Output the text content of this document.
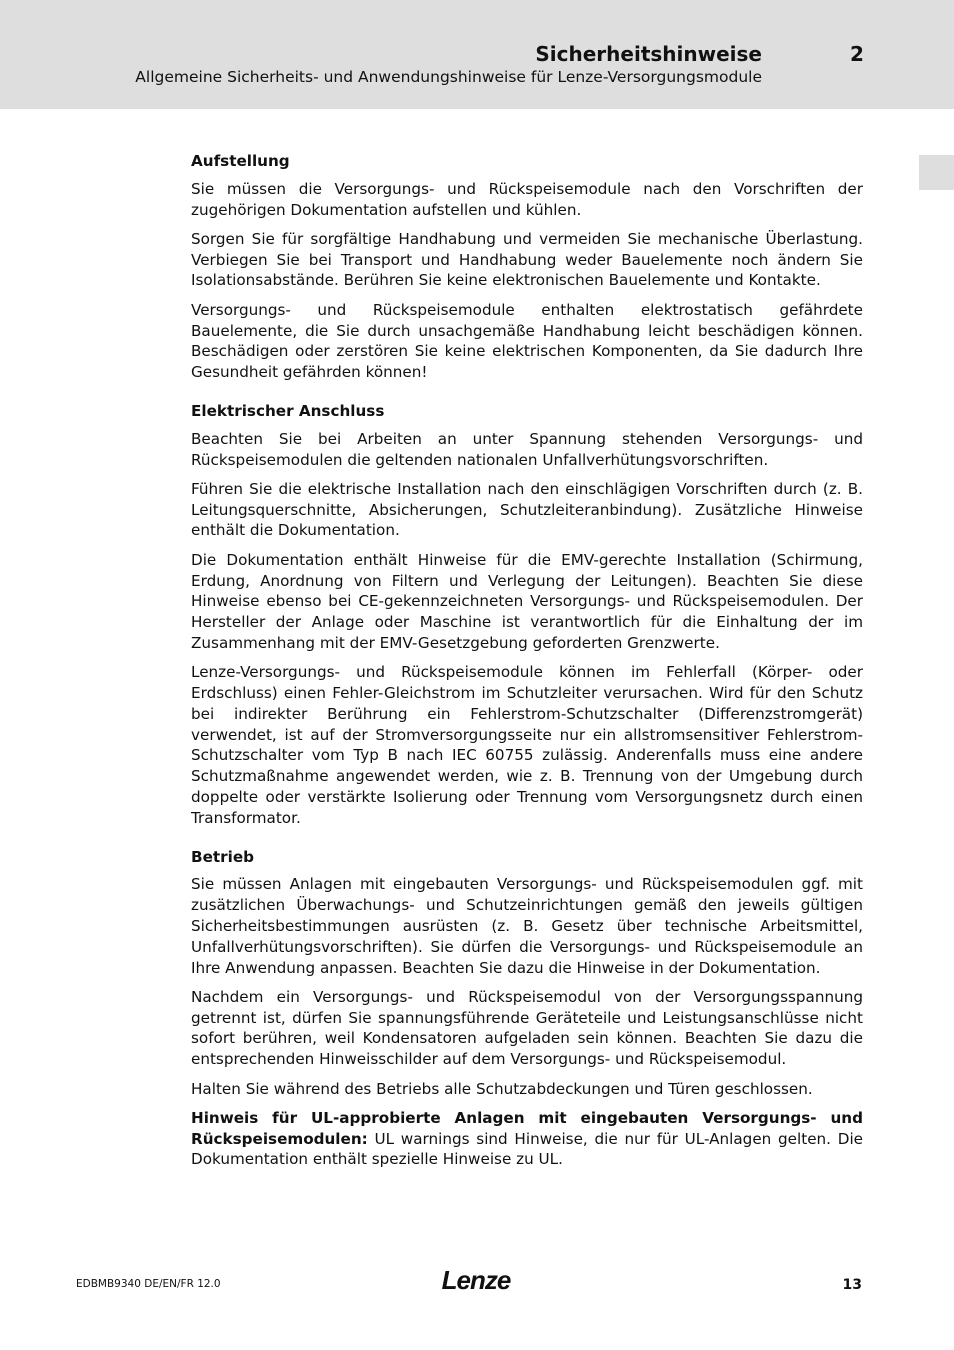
Sicherheitshinweise	2
Allgemeine Sicherheits- und Anwendungshinweise für Lenze-Versorgungsmodule
Aufstellung

Sie müssen die Versorgungs- und Rückspeisemodule nach den Vorschriften der zugehörigen Dokumentation aufstellen und kühlen.

Sorgen Sie für sorgfältige Handhabung und vermeiden Sie mechanische Überlastung. Verbiegen Sie bei Transport und Handhabung weder Bauelemente noch ändern Sie Isolationsabstände. Berühren Sie keine elektronischen Bauelemente und Kontakte.

Versorgungs- und Rückspeisemodule enthalten elektrostatisch gefährdete Bauelemente, die Sie durch unsachgemäße Handhabung leicht beschädigen können. Beschädigen oder zerstören Sie keine elektrischen Komponenten, da Sie dadurch Ihre Gesundheit gefährden können!

Elektrischer Anschluss

Beachten Sie bei Arbeiten an unter Spannung stehenden Versorgungs- und Rückspeisemodulen die geltenden nationalen Unfallverhütungsvorschriften.

Führen Sie die elektrische Installation nach den einschlägigen Vorschriften durch (z. B. Leitungsquerschnitte, Absicherungen, Schutzleiteranbindung). Zusätzliche Hinweise enthält die Dokumentation.

Die Dokumentation enthält Hinweise für die EMV-gerechte Installation (Schirmung, Erdung, Anordnung von Filtern und Verlegung der Leitungen). Beachten Sie diese Hinweise ebenso bei CE-gekennzeichneten Versorgungs- und Rückspeisemodulen. Der Hersteller der Anlage oder Maschine ist verantwortlich für die Einhaltung der im Zusammenhang mit der EMV-Gesetzgebung geforderten Grenzwerte.

Lenze-Versorgungs- und Rückspeisemodule können im Fehlerfall (Körper- oder Erdschluss) einen Fehler-Gleichstrom im Schutzleiter verursachen. Wird für den Schutz bei indirekter Berührung ein Fehlerstrom-Schutzschalter (Differenzstromgerät) verwendet, ist auf der Stromversorgungsseite nur ein allstromsensitiver Fehlerstrom-Schutzschalter vom Typ B nach IEC 60755 zulässig. Anderenfalls muss eine andere Schutzmaßnahme angewendet werden, wie z. B. Trennung von der Umgebung durch doppelte oder verstärkte Isolierung oder Trennung vom Versorgungsnetz durch einen Transformator.

Betrieb

Sie müssen Anlagen mit eingebauten Versorgungs- und Rückspeisemodulen ggf. mit zusätzlichen Überwachungs- und Schutzeinrichtungen gemäß den jeweils gültigen Sicherheitsbestimmungen ausrüsten (z. B. Gesetz über technische Arbeitsmittel, Unfallverhütungsvorschriften). Sie dürfen die Versorgungs- und Rückspeisemodule an Ihre Anwendung anpassen. Beachten Sie dazu die Hinweise in der Dokumentation.

Nachdem ein Versorgungs- und Rückspeisemodul von der Versorgungsspannung getrennt ist, dürfen Sie spannungsführende Geräteteile und Leistungsanschlüsse nicht sofort berühren, weil Kondensatoren aufgeladen sein können. Beachten Sie dazu die entsprechenden Hinweisschilder auf dem Versorgungs- und Rückspeisemodul.

Halten Sie während des Betriebs alle Schutzabdeckungen und Türen geschlossen.

Hinweis für UL-approbierte Anlagen mit eingebauten Versorgungs- und Rückspeisemodulen: UL warnings sind Hinweise, die nur für UL-Anlagen gelten. Die Dokumentation enthält spezielle Hinweise zu UL.

EDBMB9340 DE/EN/FR 12.0	Lenze	13
